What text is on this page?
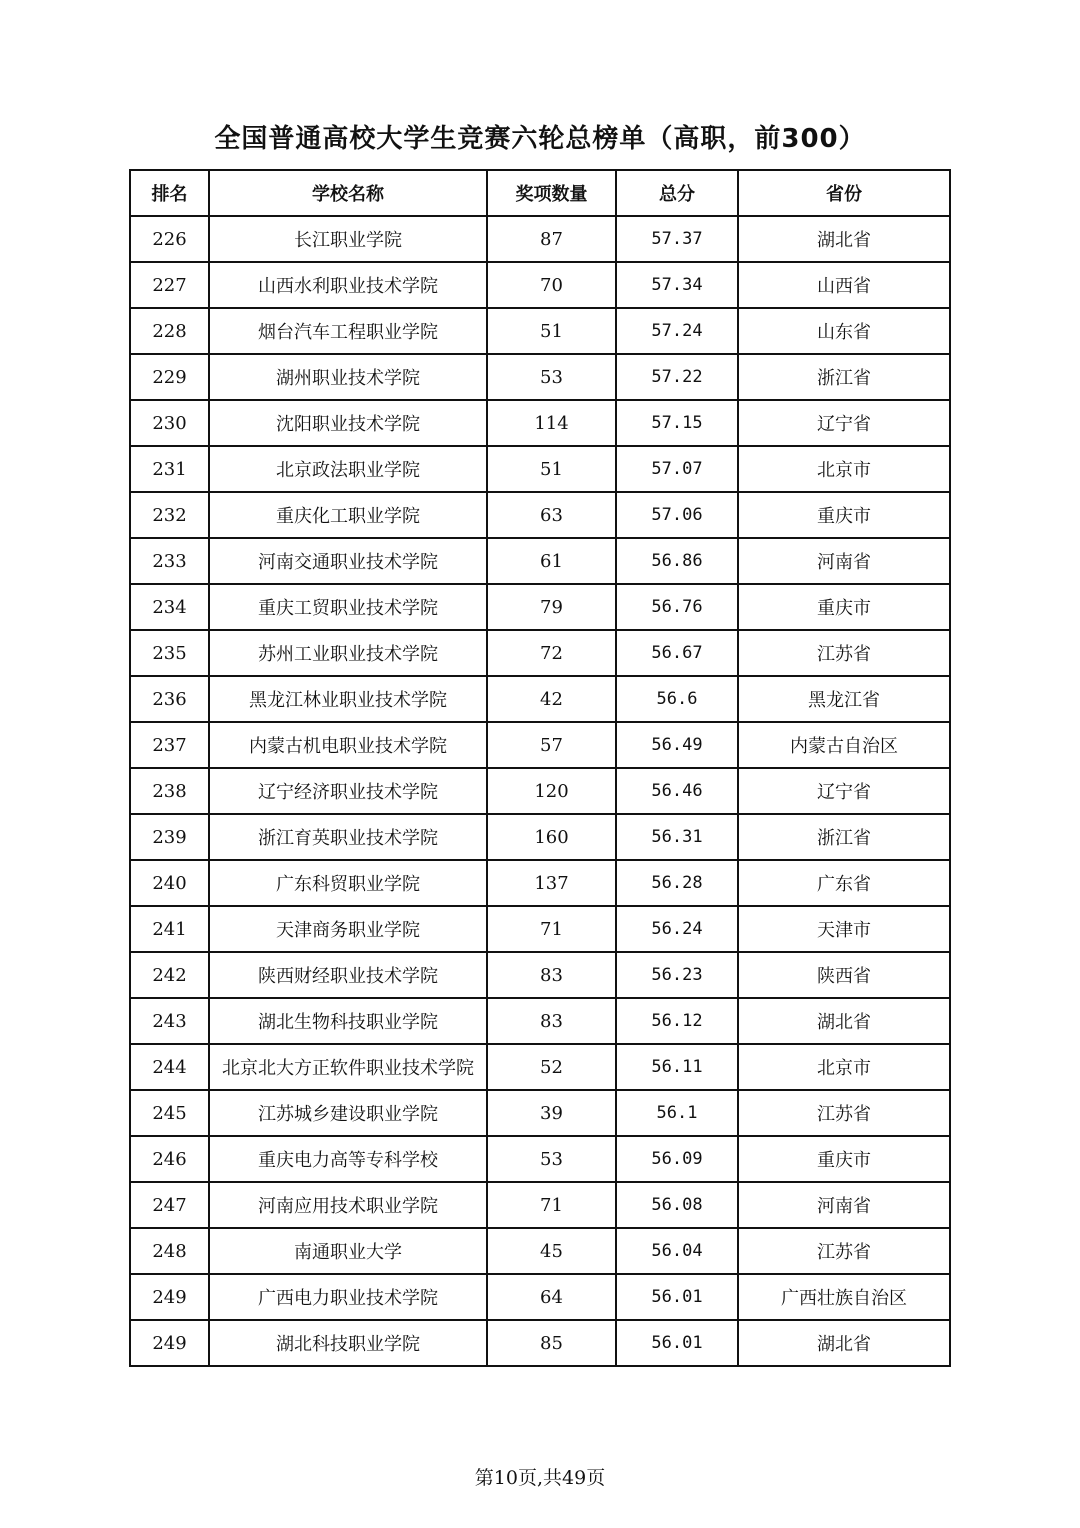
全国普通高校大学生竞赛六轮总榜单（高职，前300）
排名	学校名称	奖项数量	总分	省份
226	长江职业学院	87	57.37	湖北省
227	山西水利职业技术学院	70	57.34	山西省
228	烟台汽车工程职业学院	51	57.24	山东省
229	湖州职业技术学院	53	57.22	浙江省
230	沈阳职业技术学院	114	57.15	辽宁省
231	北京政法职业学院	51	57.07	北京市
232	重庆化工职业学院	63	57.06	重庆市
233	河南交通职业技术学院	61	56.86	河南省
234	重庆工贸职业技术学院	79	56.76	重庆市
235	苏州工业职业技术学院	72	56.67	江苏省
236	黑龙江林业职业技术学院	42	56.6	黑龙江省
237	内蒙古机电职业技术学院	57	56.49	内蒙古自治区
238	辽宁经济职业技术学院	120	56.46	辽宁省
239	浙江育英职业技术学院	160	56.31	浙江省
240	广东科贸职业学院	137	56.28	广东省
241	天津商务职业学院	71	56.24	天津市
242	陕西财经职业技术学院	83	56.23	陕西省
243	湖北生物科技职业学院	83	56.12	湖北省
244	北京北大方正软件职业技术学院	52	56.11	北京市
245	江苏城乡建设职业学院	39	56.1	江苏省
246	重庆电力高等专科学校	53	56.09	重庆市
247	河南应用技术职业学院	71	56.08	河南省
248	南通职业大学	45	56.04	江苏省
249	广西电力职业技术学院	64	56.01	广西壮族自治区
249	湖北科技职业学院	85	56.01	湖北省
第10页,共49页
